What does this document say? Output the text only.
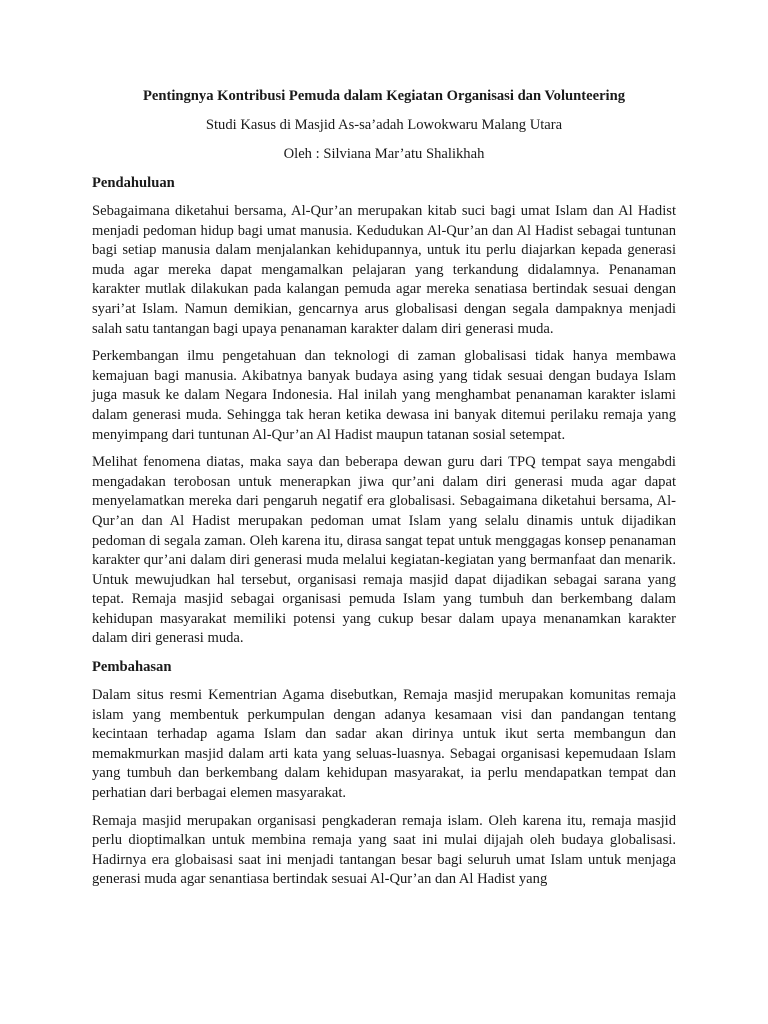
Pentingnya Kontribusi Pemuda dalam Kegiatan Organisasi dan Volunteering
Studi Kasus di Masjid As-sa’adah Lowokwaru Malang Utara
Oleh : Silviana Mar’atu Shalikhah
Pendahuluan

Sebagaimana diketahui bersama, Al-Qur’an merupakan kitab suci bagi umat Islam dan Al Hadist menjadi pedoman hidup bagi umat manusia. Kedudukan Al-Qur’an dan Al Hadist sebagai tuntunan bagi setiap manusia dalam menjalankan kehidupannya, untuk itu perlu diajarkan kepada generasi muda agar mereka dapat mengamalkan pelajaran yang terkandung didalamnya. Penanaman karakter mutlak dilakukan pada kalangan pemuda agar mereka senatiasa bertindak sesuai dengan syari’at Islam. Namun demikian, gencarnya arus globalisasi dengan segala dampaknya menjadi salah satu tantangan bagi upaya penanaman karakter dalam diri generasi muda.

Perkembangan ilmu pengetahuan dan teknologi di zaman globalisasi tidak hanya membawa kemajuan bagi manusia. Akibatnya banyak budaya asing yang tidak sesuai dengan budaya Islam juga masuk ke dalam Negara Indonesia. Hal inilah yang menghambat penanaman karakter islami dalam generasi muda. Sehingga tak heran ketika dewasa ini banyak ditemui perilaku remaja yang menyimpang dari tuntunan Al-Qur’an Al Hadist maupun tatanan sosial setempat.

Melihat fenomena diatas, maka saya dan beberapa dewan guru dari TPQ tempat saya mengabdi mengadakan terobosan untuk menerapkan jiwa qur’ani dalam diri generasi muda agar dapat menyelamatkan mereka dari pengaruh negatif era globalisasi. Sebagaimana diketahui bersama, Al-Qur’an dan Al Hadist merupakan pedoman umat Islam yang selalu dinamis untuk dijadikan pedoman di segala zaman. Oleh karena itu, dirasa sangat tepat untuk menggagas konsep penanaman karakter qur’ani dalam diri generasi muda melalui kegiatan-kegiatan yang bermanfaat dan menarik. Untuk mewujudkan hal tersebut, organisasi remaja masjid dapat dijadikan sebagai sarana yang tepat. Remaja masjid sebagai organisasi pemuda Islam yang tumbuh dan berkembang dalam kehidupan masyarakat memiliki potensi yang cukup besar dalam upaya menanamkan karakter dalam diri generasi muda.

Pembahasan

Dalam situs resmi Kementrian Agama disebutkan, Remaja masjid merupakan komunitas remaja islam yang membentuk perkumpulan dengan adanya kesamaan visi dan pandangan tentang kecintaan terhadap agama Islam dan sadar akan dirinya untuk ikut serta membangun dan memakmurkan masjid dalam arti kata yang seluas-luasnya. Sebagai organisasi kepemudaan Islam yang tumbuh dan berkembang dalam kehidupan masyarakat, ia perlu mendapatkan tempat dan perhatian dari berbagai elemen masyarakat.

Remaja masjid merupakan organisasi pengkaderan remaja islam. Oleh karena itu, remaja masjid perlu dioptimalkan untuk membina remaja yang saat ini mulai dijajah oleh budaya globalisasi. Hadirnya era globaisasi saat ini menjadi tantangan besar bagi seluruh umat Islam untuk menjaga generasi muda agar senantiasa bertindak sesuai Al-Qur’an dan Al Hadist yang
